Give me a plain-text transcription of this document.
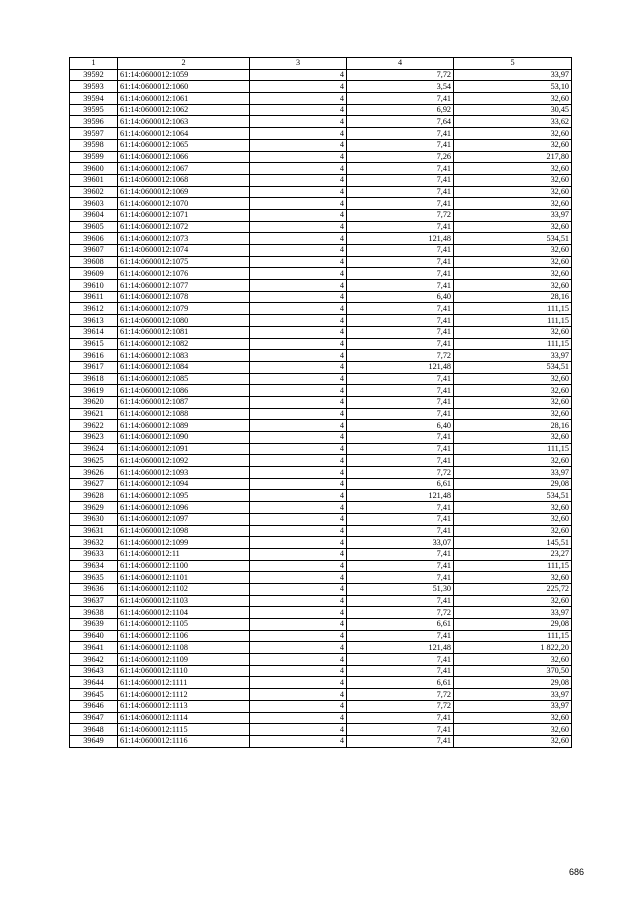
1	2	3	4	5
39592	61:14:0600012:1059	4	7,72	33,97
39593	61:14:0600012:1060	4	3,54	53,10
39594	61:14:0600012:1061	4	7,41	32,60
39595	61:14:0600012:1062	4	6,92	30,45
39596	61:14:0600012:1063	4	7,64	33,62
39597	61:14:0600012:1064	4	7,41	32,60
39598	61:14:0600012:1065	4	7,41	32,60
39599	61:14:0600012:1066	4	7,26	217,80
39600	61:14:0600012:1067	4	7,41	32,60
39601	61:14:0600012:1068	4	7,41	32,60
39602	61:14:0600012:1069	4	7,41	32,60
39603	61:14:0600012:1070	4	7,41	32,60
39604	61:14:0600012:1071	4	7,72	33,97
39605	61:14:0600012:1072	4	7,41	32,60
39606	61:14:0600012:1073	4	121,48	534,51
39607	61:14:0600012:1074	4	7,41	32,60
39608	61:14:0600012:1075	4	7,41	32,60
39609	61:14:0600012:1076	4	7,41	32,60
39610	61:14:0600012:1077	4	7,41	32,60
39611	61:14:0600012:1078	4	6,40	28,16
39612	61:14:0600012:1079	4	7,41	111,15
39613	61:14:0600012:1080	4	7,41	111,15
39614	61:14:0600012:1081	4	7,41	32,60
39615	61:14:0600012:1082	4	7,41	111,15
39616	61:14:0600012:1083	4	7,72	33,97
39617	61:14:0600012:1084	4	121,48	534,51
39618	61:14:0600012:1085	4	7,41	32,60
39619	61:14:0600012:1086	4	7,41	32,60
39620	61:14:0600012:1087	4	7,41	32,60
39621	61:14:0600012:1088	4	7,41	32,60
39622	61:14:0600012:1089	4	6,40	28,16
39623	61:14:0600012:1090	4	7,41	32,60
39624	61:14:0600012:1091	4	7,41	111,15
39625	61:14:0600012:1092	4	7,41	32,60
39626	61:14:0600012:1093	4	7,72	33,97
39627	61:14:0600012:1094	4	6,61	29,08
39628	61:14:0600012:1095	4	121,48	534,51
39629	61:14:0600012:1096	4	7,41	32,60
39630	61:14:0600012:1097	4	7,41	32,60
39631	61:14:0600012:1098	4	7,41	32,60
39632	61:14:0600012:1099	4	33,07	145,51
39633	61:14:0600012:11	4	7,41	23,27
39634	61:14:0600012:1100	4	7,41	111,15
39635	61:14:0600012:1101	4	7,41	32,60
39636	61:14:0600012:1102	4	51,30	225,72
39637	61:14:0600012:1103	4	7,41	32,60
39638	61:14:0600012:1104	4	7,72	33,97
39639	61:14:0600012:1105	4	6,61	29,08
39640	61:14:0600012:1106	4	7,41	111,15
39641	61:14:0600012:1108	4	121,48	1 822,20
39642	61:14:0600012:1109	4	7,41	32,60
39643	61:14:0600012:1110	4	7,41	370,50
39644	61:14:0600012:1111	4	6,61	29,08
39645	61:14:0600012:1112	4	7,72	33,97
39646	61:14:0600012:1113	4	7,72	33,97
39647	61:14:0600012:1114	4	7,41	32,60
39648	61:14:0600012:1115	4	7,41	32,60
39649	61:14:0600012:1116	4	7,41	32,60
686
